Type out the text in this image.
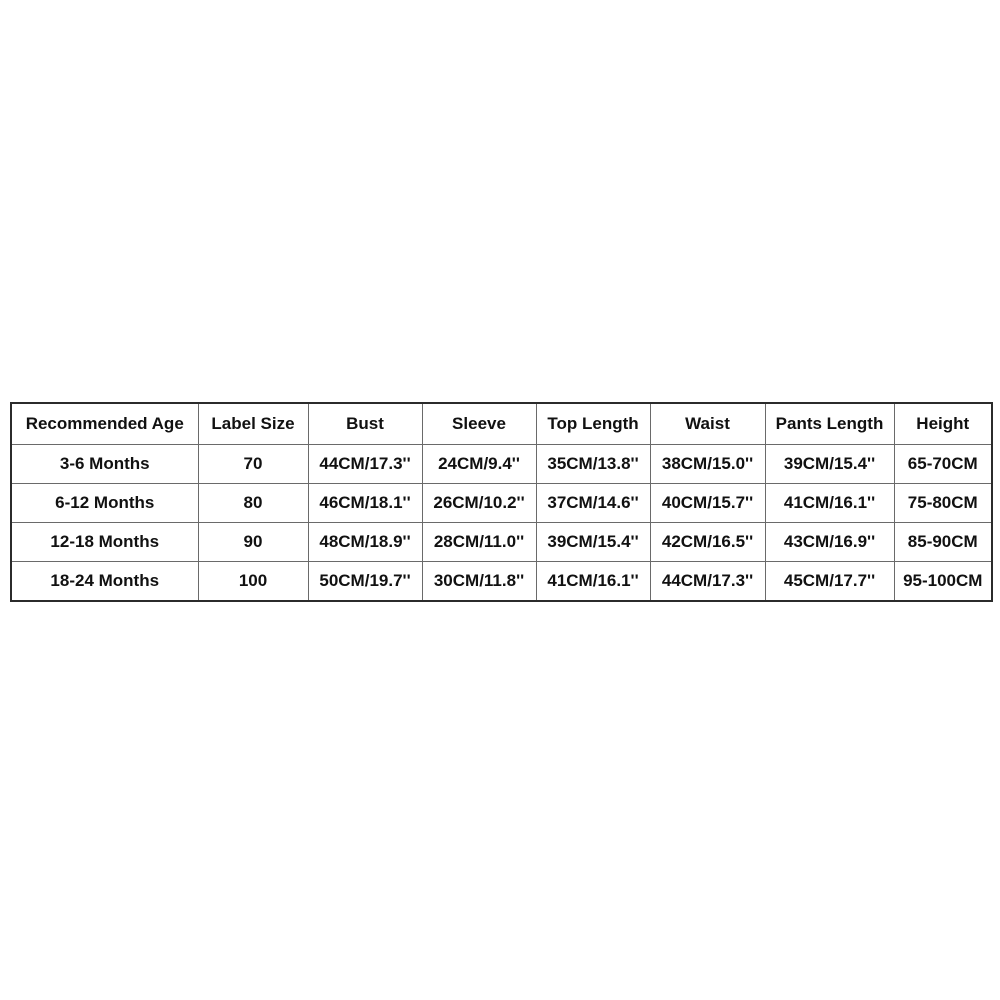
Recommended Age	Label Size	Bust	Sleeve	Top Length	Waist	Pants Length	Height
3-6 Months	70	44CM/17.3''	24CM/9.4''	35CM/13.8''	38CM/15.0''	39CM/15.4''	65-70CM
6-12 Months	80	46CM/18.1''	26CM/10.2''	37CM/14.6''	40CM/15.7''	41CM/16.1''	75-80CM
12-18 Months	90	48CM/18.9''	28CM/11.0''	39CM/15.4''	42CM/16.5''	43CM/16.9''	85-90CM
18-24 Months	100	50CM/19.7''	30CM/11.8''	41CM/16.1''	44CM/17.3''	45CM/17.7''	95-100CM
